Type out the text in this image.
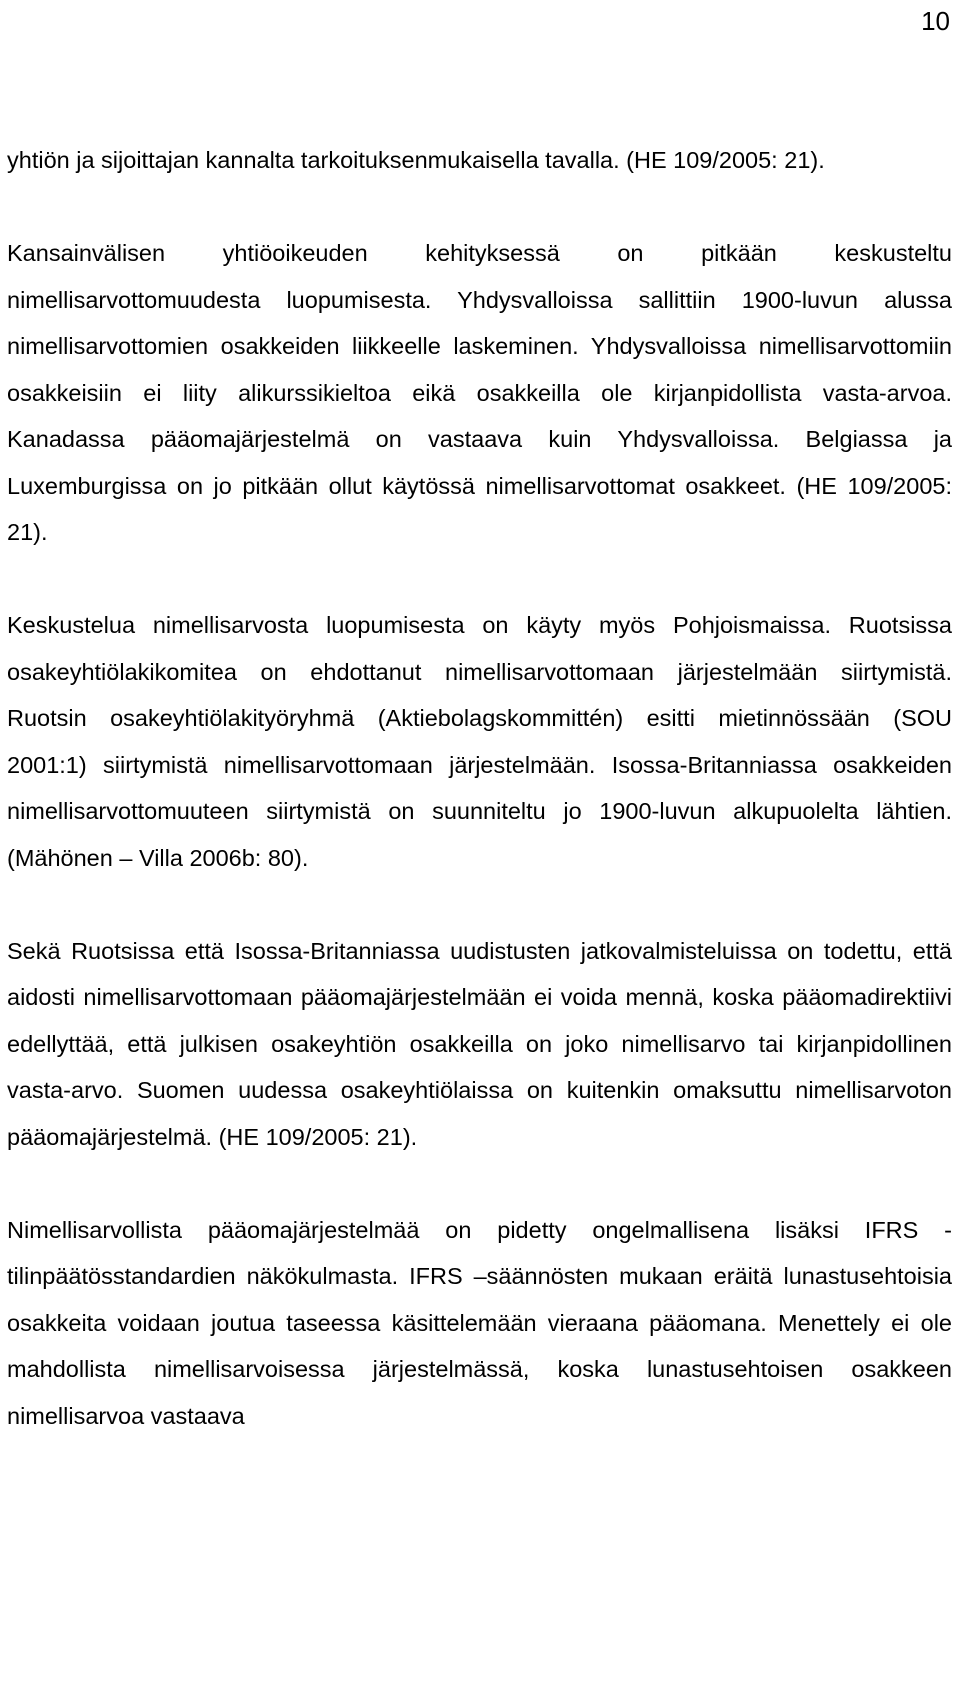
10

yhtiön ja sijoittajan kannalta tarkoituksenmukaisella tavalla. (HE 109/2005: 21).

Kansainvälisen yhtiöoikeuden kehityksessä on pitkään keskusteltu nimellisarvottomuudesta luopumisesta. Yhdysvalloissa sallittiin 1900-luvun alussa nimellisarvottomien osakkeiden liikkeelle laskeminen. Yhdysvalloissa nimellisarvottomiin osakkeisiin ei liity alikurssikieltoa eikä osakkeilla ole kirjanpidollista vasta-arvoa. Kanadassa pääomajärjestelmä on vastaava kuin Yhdysvalloissa. Belgiassa ja Luxemburgissa on jo pitkään ollut käytössä nimellisarvottomat osakkeet. (HE 109/2005: 21).

Keskustelua nimellisarvosta luopumisesta on käyty myös Pohjoismaissa. Ruotsissa osakeyhtiölakikomitea on ehdottanut nimellisarvottomaan järjestelmään siirtymistä. Ruotsin osakeyhtiölakityöryhmä (Aktiebolagskommittén) esitti mietinnössään (SOU 2001:1) siirtymistä nimellisarvottomaan järjestelmään. Isossa-Britanniassa osakkeiden nimellisarvottomuuteen siirtymistä on suunniteltu jo 1900-luvun alkupuolelta lähtien. (Mähönen – Villa 2006b: 80).

Sekä Ruotsissa että Isossa-Britanniassa uudistusten jatkovalmisteluissa on todettu, että aidosti nimellisarvottomaan pääomajärjestelmään ei voida mennä, koska pääomadirektiivi edellyttää, että julkisen osakeyhtiön osakkeilla on joko nimellisarvo tai kirjanpidollinen vasta-arvo. Suomen uudessa osakeyhtiölaissa on kuitenkin omaksuttu nimellisarvoton pääomajärjestelmä. (HE 109/2005: 21).

Nimellisarvollista pääomajärjestelmää on pidetty ongelmallisena lisäksi IFRS -tilinpäätösstandardien näkökulmasta. IFRS –säännösten mukaan eräitä lunastusehtoisia osakkeita voidaan joutua taseessa käsittelemään vieraana pääomana. Menettely ei ole mahdollista nimellisarvoisessa järjestelmässä, koska lunastusehtoisen osakkeen nimellisarvoa vastaava
